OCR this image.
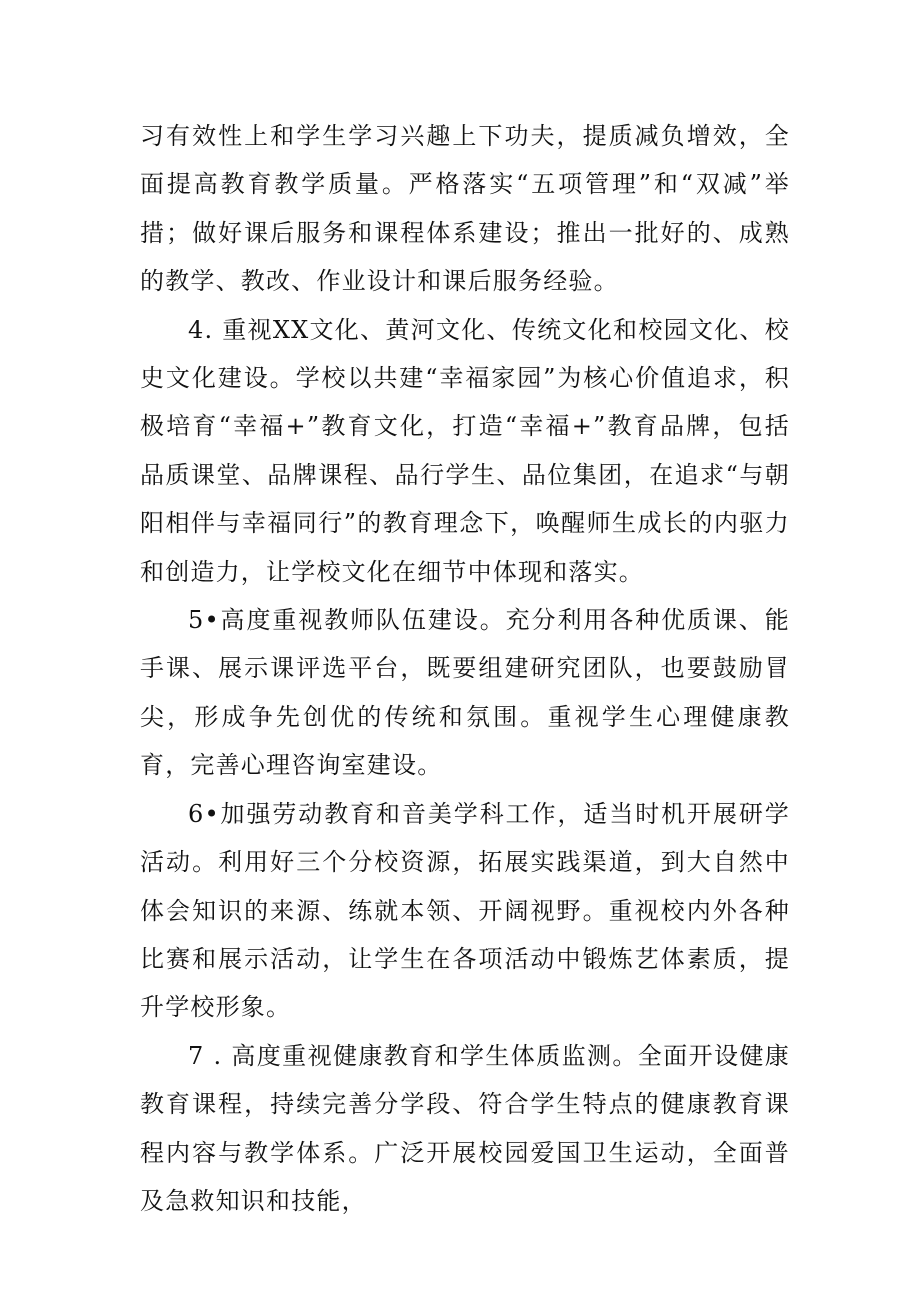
习有效性上和学生学习兴趣上下功夫，提质减负增效，全面提高教育教学质量。严格落实“五项管理”和“双减”举措；做好课后服务和课程体系建设；推出一批好的、成熟的教学、教改、作业设计和课后服务经验。

4. 重视XX文化、黄河文化、传统文化和校园文化、校史文化建设。学校以共建“幸福家园”为核心价值追求，积极培育“幸福+”教育文化，打造“幸福+”教育品牌，包括品质课堂、品牌课程、品行学生、品位集团，在追求“与朝阳相伴与幸福同行”的教育理念下，唤醒师生成长的内驱力和创造力，让学校文化在细节中体现和落实。

5•高度重视教师队伍建设。充分利用各种优质课、能手课、展示课评选平台，既要组建研究团队，也要鼓励冒尖，形成争先创优的传统和氛围。重视学生心理健康教育，完善心理咨询室建设。

6•加强劳动教育和音美学科工作，适当时机开展研学活动。利用好三个分校资源，拓展实践渠道，到大自然中体会知识的来源、练就本领、开阔视野。重视校内外各种比赛和展示活动，让学生在各项活动中锻炼艺体素质，提升学校形象。

7 . 高度重视健康教育和学生体质监测。全面开设健康教育课程，持续完善分学段、符合学生特点的健康教育课程内容与教学体系。广泛开展校园爱国卫生运动，全面普及急救知识和技能，
